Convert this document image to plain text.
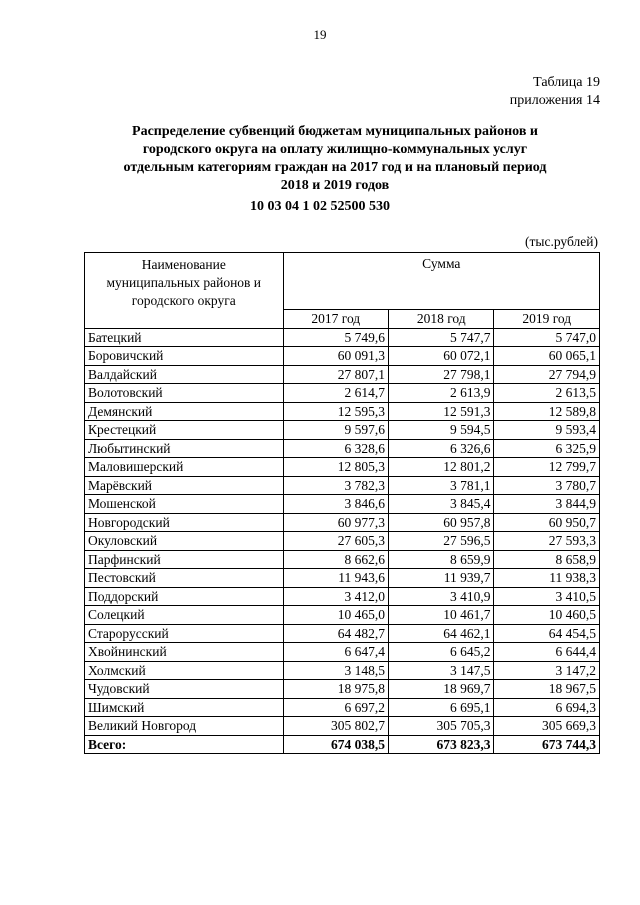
19
Таблица 19
приложения 14
Распределение субвенций бюджетам муниципальных районов и
городского округа на оплату жилищно-коммунальных услуг
отдельным категориям граждан на 2017 год и на плановый период
2018 и 2019 годов
10 03 04 1 02 52500 530
(тыс.рублей)
Наименование
муниципальных районов и
городского округа	Сумма		
	2017 год	2018 год	2019 год
Батецкий	5 749,6	5 747,7	5 747,0
Боровичский	60 091,3	60 072,1	60 065,1
Валдайский	27 807,1	27 798,1	27 794,9
Волотовский	2 614,7	2 613,9	2 613,5
Демянский	12 595,3	12 591,3	12 589,8
Крестецкий	9 597,6	9 594,5	9 593,4
Любытинский	6 328,6	6 326,6	6 325,9
Маловишерский	12 805,3	12 801,2	12 799,7
Марёвский	3 782,3	3 781,1	3 780,7
Мошенской	3 846,6	3 845,4	3 844,9
Новгородский	60 977,3	60 957,8	60 950,7
Окуловский	27 605,3	27 596,5	27 593,3
Парфинский	8 662,6	8 659,9	8 658,9
Пестовский	11 943,6	11 939,7	11 938,3
Поддорский	3 412,0	3 410,9	3 410,5
Солецкий	10 465,0	10 461,7	10 460,5
Старорусский	64 482,7	64 462,1	64 454,5
Хвойнинский	6 647,4	6 645,2	6 644,4
Холмский	3 148,5	3 147,5	3 147,2
Чудовский	18 975,8	18 969,7	18 967,5
Шимский	6 697,2	6 695,1	6 694,3
Великий Новгород	305 802,7	305 705,3	305 669,3
Всего:	674 038,5	673 823,3	673 744,3
